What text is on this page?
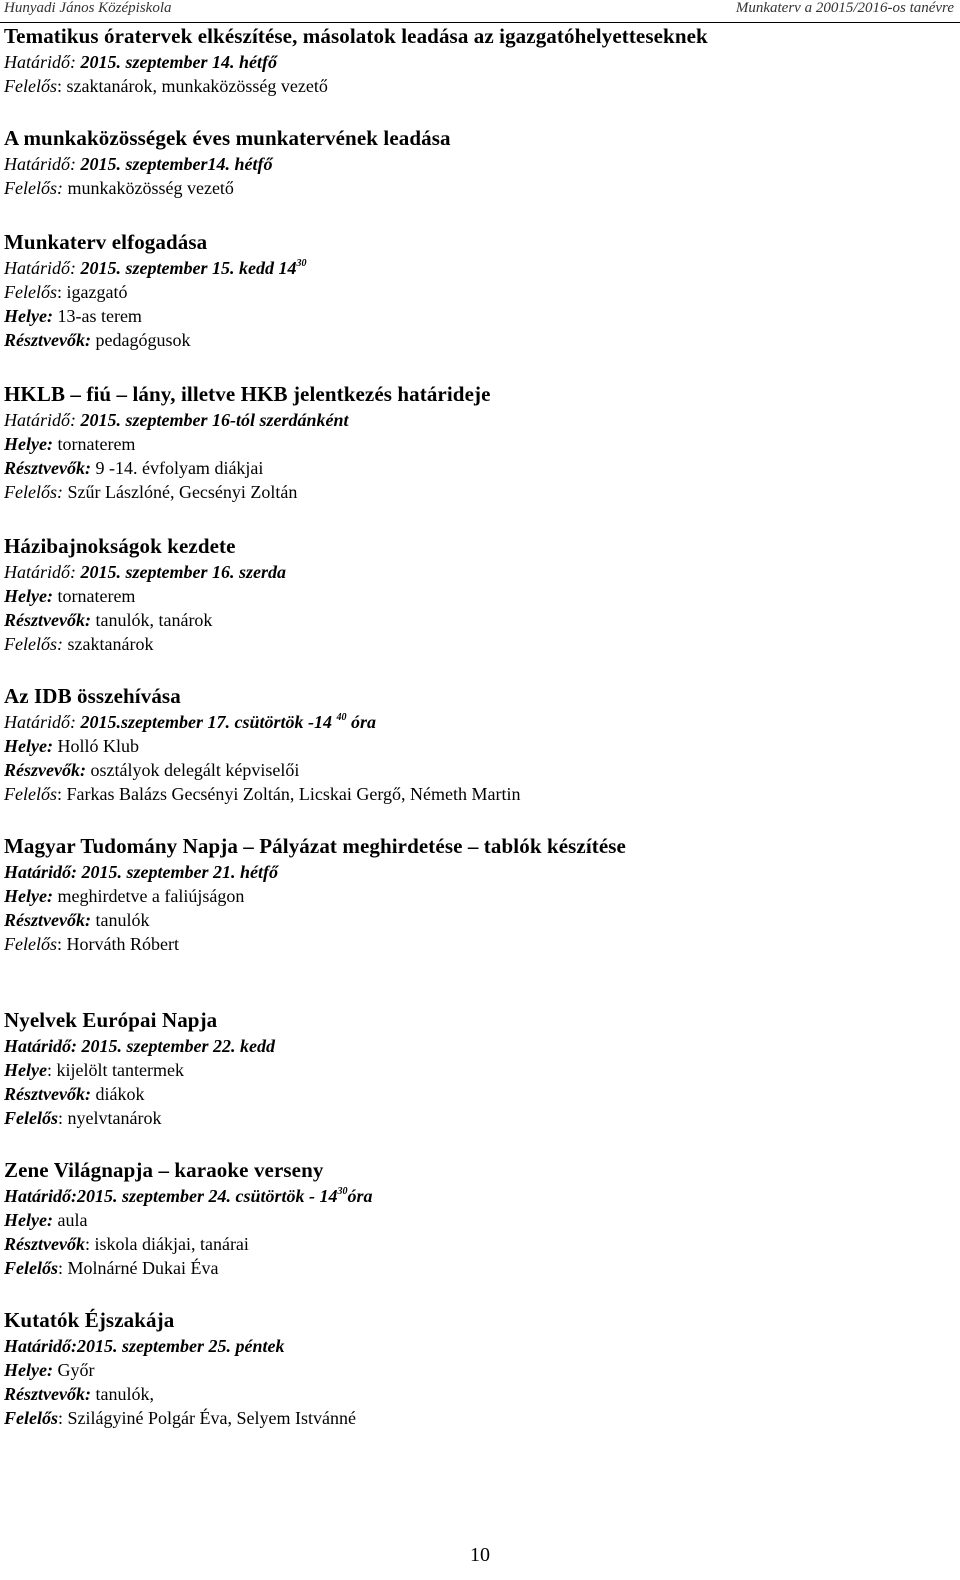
Hunyadi János Középiskola	Munkaterv a 20015/2016-os tanévre

Tematikus óratervek elkészítése, másolatok leadása az igazgatóhelyetteseknek

Határidő: 2015. szeptember 14. hétfő

Felelős: szaktanárok, munkaközösség vezető

A munkaközösségek éves munkatervének leadása

Határidő: 2015. szeptember14. hétfő

Felelős: munkaközösség vezető

Munkaterv elfogadása

Határidő: 2015. szeptember 15. kedd $14^{30}$

Felelős: igazgató

Helye: 13-as terem

Résztvevők: pedagógusok

HKLB – fiú – lány, illetve HKB jelentkezés határideje

Határidő: 2015. szeptember 16-tól szerdánként

Helye: tornaterem

Résztvevők: 9 -14. évfolyam diákjai

Felelős: Szűr Lászlóné, Gecsényi Zoltán

Házibajnokságok kezdete

Határidő: 2015. szeptember 16. szerda

Helye: tornaterem

Résztvevők: tanulók, tanárok

Felelős: szaktanárok

Az IDB összehívása

Határidő: 2015.szeptember 17. csütörtök -14 $^{40}$ óra

Helye: Holló Klub

Részvevők: osztályok delegált képviselői

Felelős: Farkas Balázs Gecsényi Zoltán, Licskai Gergő, Németh Martin

Magyar Tudomány Napja – Pályázat meghirdetése – tablók készítése

Határidő: 2015. szeptember 21. hétfő

Helye: meghirdetve a faliújságon

Résztvevők: tanulók

Felelős: Horváth Róbert

Nyelvek Európai Napja

Határidő: 2015. szeptember 22. kedd

Helye: kijelölt tantermek

Résztvevők: diákok

Felelős: nyelvtanárok

Zene Világnapja – karaoke verseny

Határidő:2015. szeptember 24. csütörtök - $14^{30}óra$

Helye: aula

Résztvevők: iskola diákjai, tanárai

Felelős: Molnárné Dukai Éva

Kutatók Éjszakája

Határidő:2015. szeptember 25. péntek

Helye: Győr

Résztvevők: tanulók,

Felelős: Szilágyiné Polgár Éva, Selyem Istvánné

10
